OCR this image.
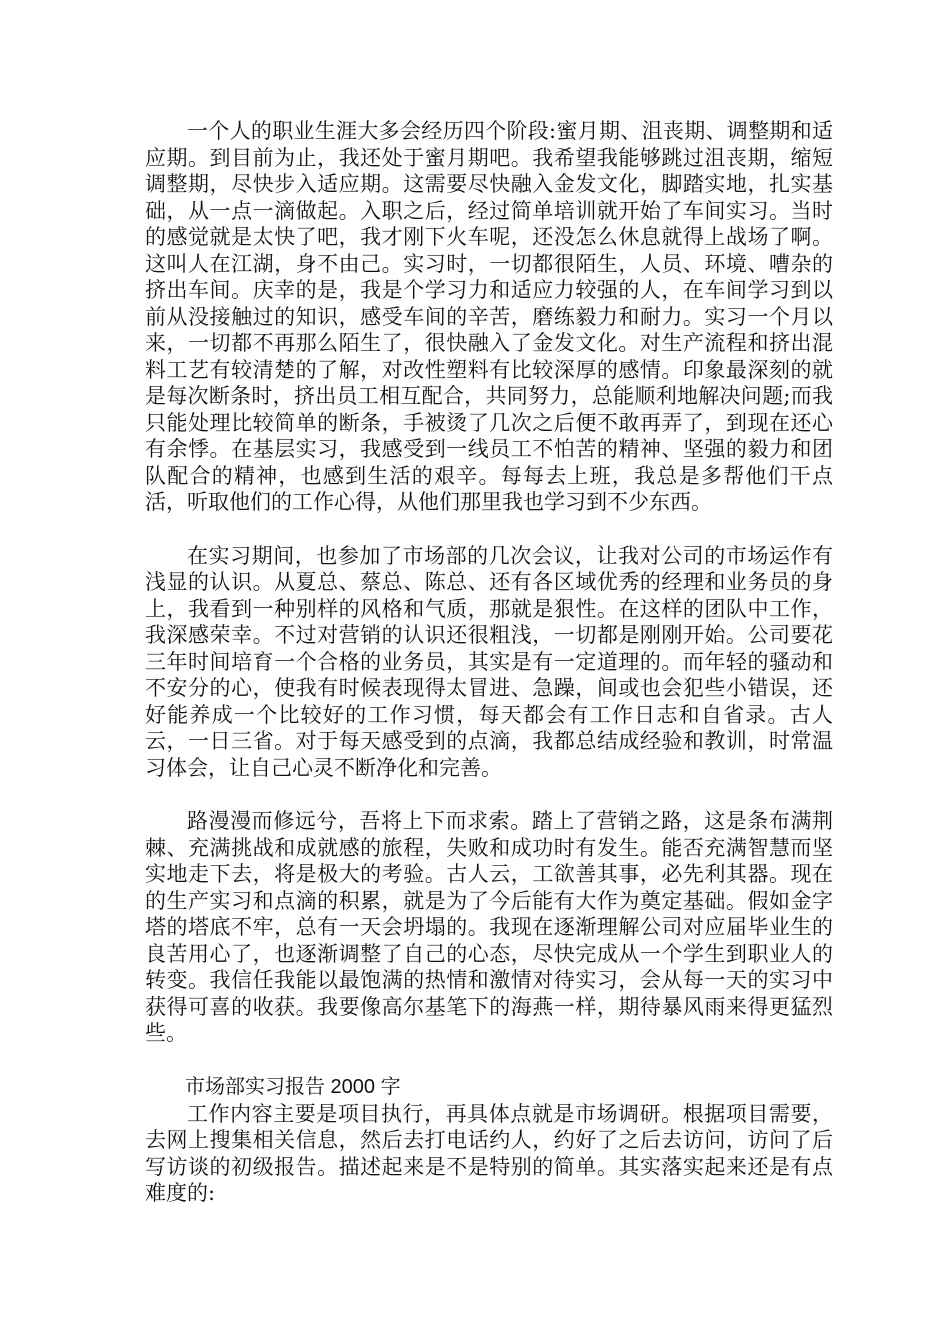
一个人的职业生涯大多会经历四个阶段:蜜月期、沮丧期、调整期和适应期。到目前为止，我还处于蜜月期吧。我希望我能够跳过沮丧期，缩短调整期，尽快步入适应期。这需要尽快融入金发文化，脚踏实地，扎实基础，从一点一滴做起。入职之后，经过简单培训就开始了车间实习。当时的感觉就是太快了吧，我才刚下火车呢，还没怎么休息就得上战场了啊。这叫人在江湖，身不由己。实习时，一切都很陌生，人员、环境、嘈杂的挤出车间。庆幸的是，我是个学习力和适应力较强的人，在车间学习到以前从没接触过的知识，感受车间的辛苦，磨练毅力和耐力。实习一个月以来，一切都不再那么陌生了，很快融入了金发文化。对生产流程和挤出混料工艺有较清楚的了解，对改性塑料有比较深厚的感情。印象最深刻的就是每次断条时，挤出员工相互配合，共同努力，总能顺利地解决问题;而我只能处理比较简单的断条，手被烫了几次之后便不敢再弄了，到现在还心有余悸。在基层实习，我感受到一线员工不怕苦的精神、坚强的毅力和团队配合的精神，也感到生活的艰辛。每每去上班，我总是多帮他们干点活，听取他们的工作心得，从他们那里我也学习到不少东西。

在实习期间，也参加了市场部的几次会议，让我对公司的市场运作有浅显的认识。从夏总、蔡总、陈总、还有各区域优秀的经理和业务员的身上，我看到一种别样的风格和气质，那就是狠性。在这样的团队中工作，我深感荣幸。不过对营销的认识还很粗浅，一切都是刚刚开始。公司要花三年时间培育一个合格的业务员，其实是有一定道理的。而年轻的骚动和不安分的心，使我有时候表现得太冒进、急躁，间或也会犯些小错误，还好能养成一个比较好的工作习惯，每天都会有工作日志和自省录。古人云，一日三省。对于每天感受到的点滴，我都总结成经验和教训，时常温习体会，让自己心灵不断净化和完善。

路漫漫而修远兮，吾将上下而求索。踏上了营销之路，这是条布满荆棘、充满挑战和成就感的旅程，失败和成功时有发生。能否充满智慧而坚实地走下去，将是极大的考验。古人云，工欲善其事，必先利其器。现在的生产实习和点滴的积累，就是为了今后能有大作为奠定基础。假如金字塔的塔底不牢，总有一天会坍塌的。我现在逐渐理解公司对应届毕业生的良苦用心了，也逐渐调整了自己的心态，尽快完成从一个学生到职业人的转变。我信任我能以最饱满的热情和激情对待实习，会从每一天的实习中获得可喜的收获。我要像高尔基笔下的海燕一样，期待暴风雨来得更猛烈些。

市场部实习报告 2000 字

工作内容主要是项目执行，再具体点就是市场调研。根据项目需要，去网上搜集相关信息，然后去打电话约人，约好了之后去访问，访问了后写访谈的初级报告。描述起来是不是特别的简单。其实落实起来还是有点难度的:
